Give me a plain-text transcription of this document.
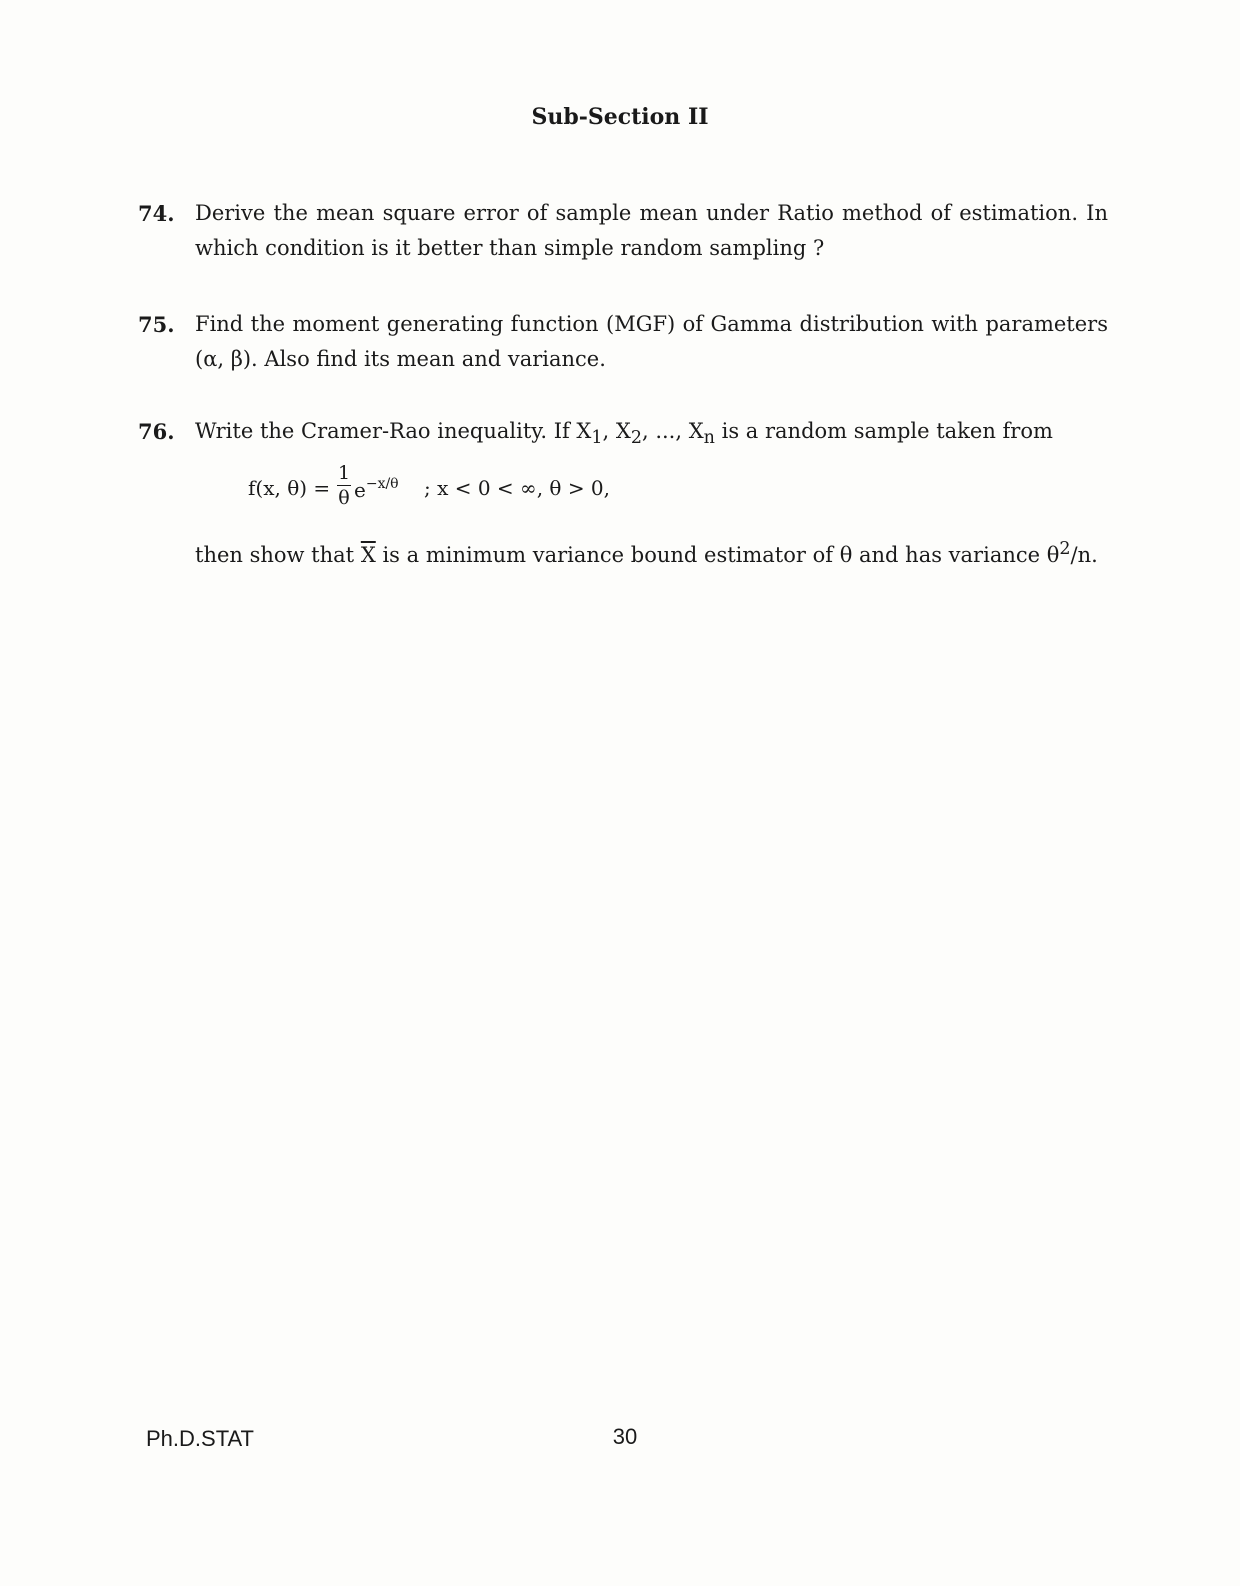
Sub-Section II
74. Derive the mean square error of sample mean under Ratio method of estimation. In

which condition is it better than simple random sampling ?

75. Find the moment generating function (MGF) of Gamma distribution with parameters

(α, β). Also find its mean and variance.

76. Write the Cramer-Rao inequality. If $X_1$, $X_2$, ..., $X_n$ is a random sample taken from

f(x, θ) =
1
θ $e^{-x/\theta}$ ; x < 0 < ∞, θ > 0,

then show that $\overline{X}$ is a minimum variance bound estimator of θ and has variance $\theta^2/n$.

Ph.D.STAT	30
